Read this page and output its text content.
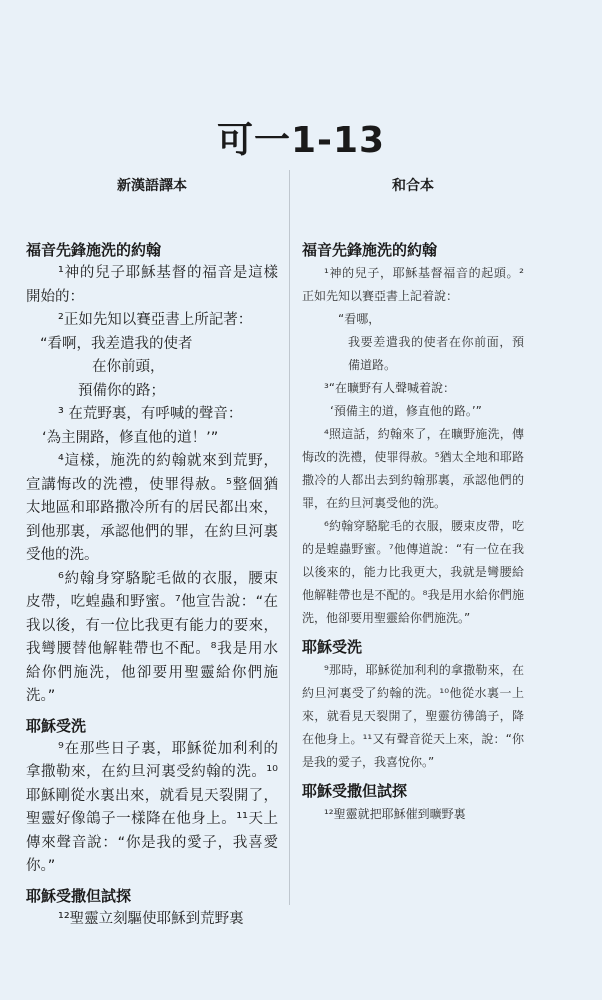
可一1-13
新漢語譯本
福音先鋒施洗的約翰

¹神的兒子耶穌基督的福音是這樣開始的：

²正如先知以賽亞書上所記著：

“看啊，我差遣我的使者

在你前頭，

預備你的路；

³ 在荒野裏，有呼喊的聲音：

‘為主開路，修直他的道！’”

⁴這樣，施洗的約翰就來到荒野，宣講悔改的洗禮，使罪得赦。⁵整個猶太地區和耶路撒冷所有的居民都出來，到他那裏，承認他們的罪，在約旦河裏受他的洗。

⁶約翰身穿駱駝毛做的衣服，腰束皮帶，吃蝗蟲和野蜜。⁷他宣告說：“在我以後，有一位比我更有能力的要來，我彎腰替他解鞋帶也不配。⁸我是用水給你們施洗，他卻要用聖靈給你們施洗。”

耶穌受洗

⁹在那些日子裏，耶穌從加利利的拿撒勒來，在約旦河裏受約翰的洗。¹⁰耶穌剛從水裏出來，就看見天裂開了，聖靈好像鴿子一樣降在他身上。¹¹天上傳來聲音說：“你是我的愛子，我喜愛你。”

耶穌受撒但試探

¹²聖靈立刻驅使耶穌到荒野裏

和合本
福音先鋒施洗的約翰

¹神的兒子，耶穌基督福音的起頭。²正如先知以賽亞書上記着說：

“看哪，

我要差遣我的使者在你前面，預備道路。

³“在曠野有人聲喊着說：

‘預備主的道，修直他的路。’”

⁴照這話，約翰來了，在曠野施洗，傳悔改的洗禮，使罪得赦。⁵猶太全地和耶路撒冷的人都出去到約翰那裏，承認他們的罪，在約旦河裏受他的洗。

⁶約翰穿駱駝毛的衣服，腰束皮帶，吃的是蝗蟲野蜜。⁷他傳道說：“有一位在我以後來的，能力比我更大，我就是彎腰給他解鞋帶也是不配的。⁸我是用水給你們施洗，他卻要用聖靈給你們施洗。”

耶穌受洗

⁹那時，耶穌從加利利的拿撒勒來，在約旦河裏受了約翰的洗。¹⁰他從水裏一上來，就看見天裂開了，聖靈彷彿鴿子，降在他身上。¹¹又有聲音從天上來，說：“你是我的愛子，我喜悅你。”

耶穌受撒但試探

¹²聖靈就把耶穌催到曠野裏
